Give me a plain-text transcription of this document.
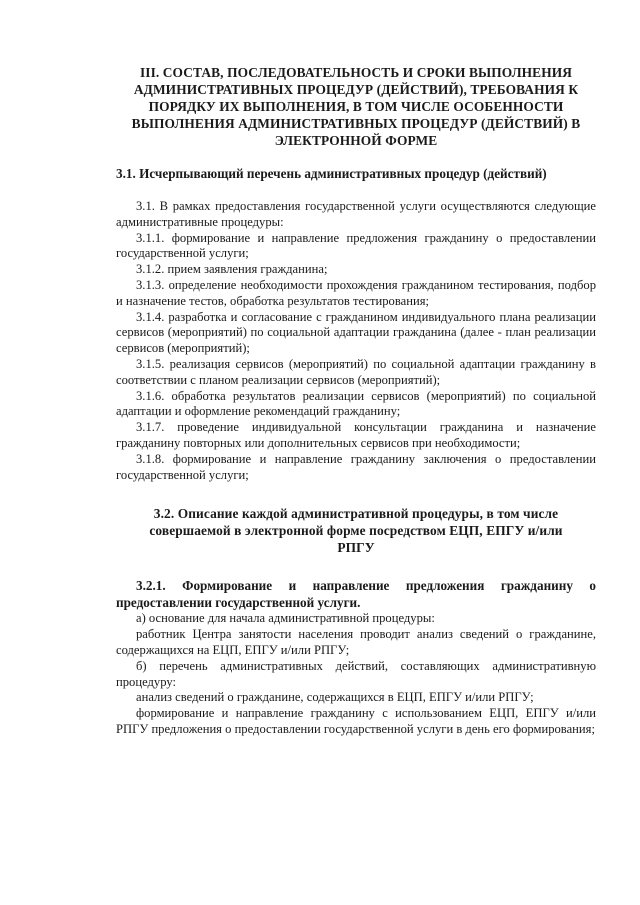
III. СОСТАВ, ПОСЛЕДОВАТЕЛЬНОСТЬ И СРОКИ ВЫПОЛНЕНИЯ

АДМИНИСТРАТИВНЫХ ПРОЦЕДУР (ДЕЙСТВИЙ), ТРЕБОВАНИЯ К

ПОРЯДКУ ИХ ВЫПОЛНЕНИЯ, В ТОМ ЧИСЛЕ ОСОБЕННОСТИ

ВЫПОЛНЕНИЯ АДМИНИСТРАТИВНЫХ ПРОЦЕДУР (ДЕЙСТВИЙ) В

ЭЛЕКТРОННОЙ ФОРМЕ

3.1. Исчерпывающий перечень административных процедур (действий)

3.1. В рамках предоставления государственной услуги осуществляются следующие административные процедуры:

3.1.1. формирование и направление предложения гражданину о предоставлении государственной услуги;

3.1.2. прием заявления гражданина;

3.1.3. определение необходимости прохождения гражданином тестирования, подбор и назначение тестов, обработка результатов тестирования;

3.1.4. разработка и согласование с гражданином индивидуального плана реализации сервисов (мероприятий) по социальной адаптации гражданина (далее - план реализации сервисов (мероприятий);

3.1.5. реализация сервисов (мероприятий) по социальной адаптации гражданину в соответствии с планом реализации сервисов (мероприятий);

3.1.6. обработка результатов реализации сервисов (мероприятий) по социальной адаптации и оформление рекомендаций гражданину;

3.1.7. проведение индивидуальной консультации гражданина и назначение гражданину повторных или дополнительных сервисов при необходимости;

3.1.8. формирование и направление гражданину заключения о предоставлении государственной услуги;

3.2. Описание каждой административной процедуры, в том числе

совершаемой в электронной форме посредством ЕЦП, ЕПГУ и/или

РПГУ

3.2.1. Формирование и направление предложения гражданину о предоставлении государственной услуги.

а) основание для начала административной процедуры:

работник Центра занятости населения проводит анализ сведений о гражданине, содержащихся на ЕЦП, ЕПГУ и/или РПГУ;

б) перечень административных действий, составляющих административную процедуру:

анализ сведений о гражданине, содержащихся в ЕЦП, ЕПГУ и/или РПГУ;

формирование и направление гражданину с использованием ЕЦП, ЕПГУ и/или РПГУ предложения о предоставлении государственной услуги в день его формирования;
